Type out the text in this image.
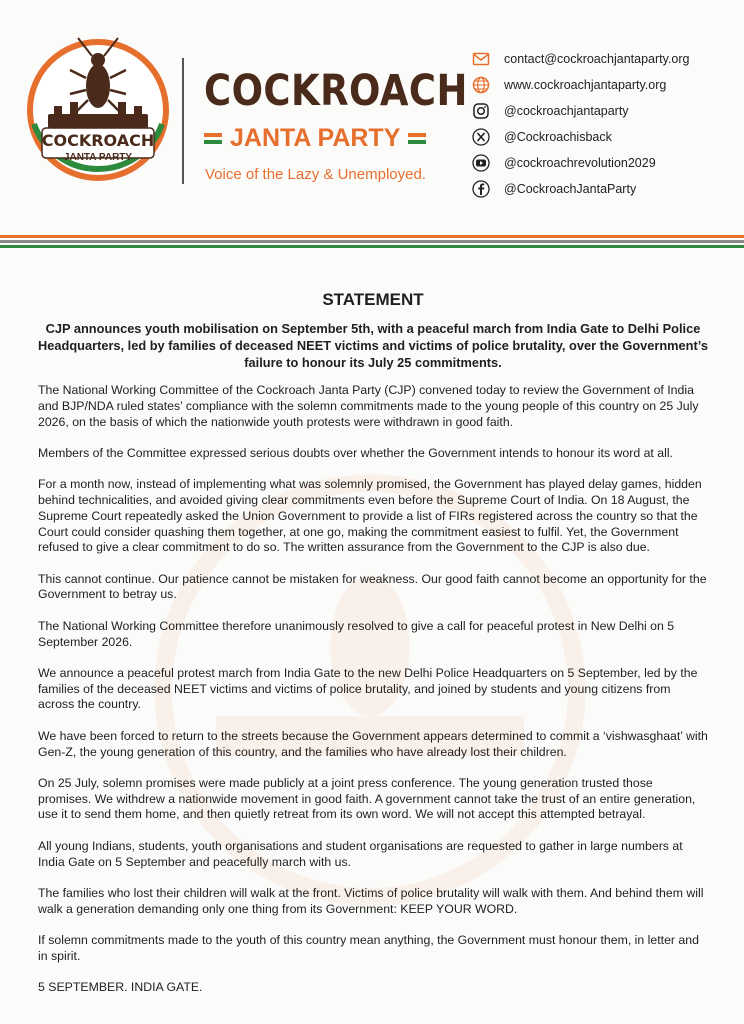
COCKROACH
JANTA PARTY
COCKROACH
JANTA PARTY
Voice of the Lazy & Unemployed.
contact@cockroachjantaparty.org
www.cockroachjantaparty.org
@cockroachjantaparty
@Cockroachisback
@cockroachrevolution2029
@CockroachJantaParty
STATEMENT

CJP announces youth mobilisation on September 5th, with a peaceful march from India Gate to Delhi Police Headquarters, led by families of deceased NEET victims and victims of police brutality, over the Government’s failure to honour its July 25 commitments.

The National Working Committee of the Cockroach Janta Party (CJP) convened today to review the Government of India and BJP/NDA ruled states’ compliance with the solemn commitments made to the young people of this country on 25 July 2026, on the basis of which the nationwide youth protests were withdrawn in good faith.

Members of the Committee expressed serious doubts over whether the Government intends to honour its word at all.

For a month now, instead of implementing what was solemnly promised, the Government has played delay games, hidden behind technicalities, and avoided giving clear commitments even before the Supreme Court of India. On 18 August, the Supreme Court repeatedly asked the Union Government to provide a list of FIRs registered across the country so that the Court could consider quashing them together, at one go, making the commitment easiest to fulfil. Yet, the Government refused to give a clear commitment to do so. The written assurance from the Government to the CJP is also due.

This cannot continue. Our patience cannot be mistaken for weakness. Our good faith cannot become an opportunity for the Government to betray us.

The National Working Committee therefore unanimously resolved to give a call for peaceful protest in New Delhi on 5 September 2026.

We announce a peaceful protest march from India Gate to the new Delhi Police Headquarters on 5 September, led by the families of the deceased NEET victims and victims of police brutality, and joined by students and young citizens from across the country.

We have been forced to return to the streets because the Government appears determined to commit a ‘vishwasghaat’ with Gen-Z, the young generation of this country, and the families who have already lost their children.

On 25 July, solemn promises were made publicly at a joint press conference. The young generation trusted those promises. We withdrew a nationwide movement in good faith. A government cannot take the trust of an entire generation, use it to send them home, and then quietly retreat from its own word. We will not accept this attempted betrayal.

All young Indians, students, youth organisations and student organisations are requested to gather in large numbers at India Gate on 5 September and peacefully march with us.

The families who lost their children will walk at the front. Victims of police brutality will walk with them. And behind them will walk a generation demanding only one thing from its Government: KEEP YOUR WORD.

If solemn commitments made to the youth of this country mean anything, the Government must honour them, in letter and in spirit.

5 SEPTEMBER. INDIA GATE.
